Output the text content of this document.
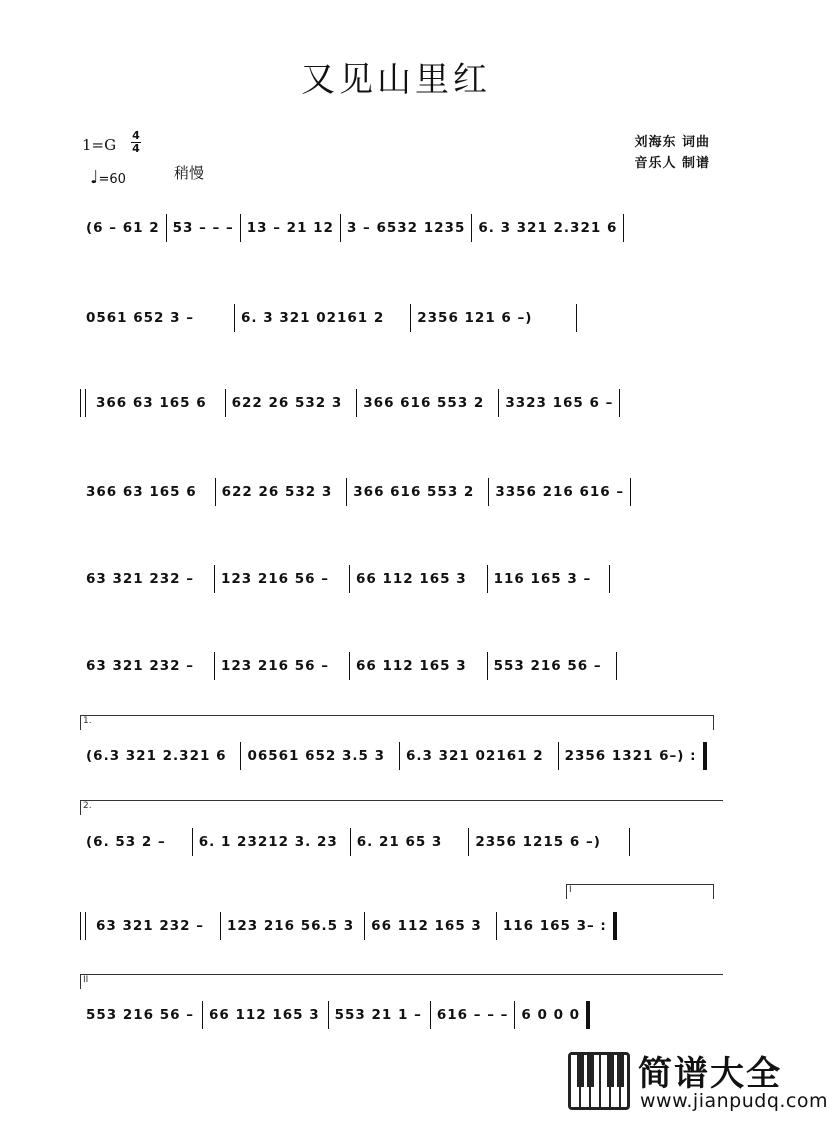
又见山里红
1=G
4
4
♩=60	稍慢
刘海东 词曲
音乐人 制谱
(6 – 61 2 53 – – – 13 – 21 12 3 – 6532 1235 6. 3 321 2.321 6
0561 652 3 –	6. 3 321 02161 2	2356 121 6 –)
366 63 165 6	622 26 532 3	366 616 553 2	3323 165 6 –
366 63 165 6	622 26 532 3	366 616 553 2	3356 216 616 –
63 321 232 –	123 216 56 –	66 112 165 3	116 165 3 –
63 321 232 –	123 216 56 –	66 112 165 3	553 216 56 –
1.
(6.3 321 2.321 6	06561 652 3.5 3	6.3 321 02161 2	2356 1321 6–) :
2.
(6. 53 2 –	6. 1 23212 3. 23	6. 21 65 3	2356 1215 6 –)
I
63 321 232 –	123 216 56.5 3	66 112 165 3	116 165 3– :
II
553 216 56 –	66 112 165 3	553 21 1 –	616 – – – 6 0 0 0
简谱大全
www.jianpudq.com
